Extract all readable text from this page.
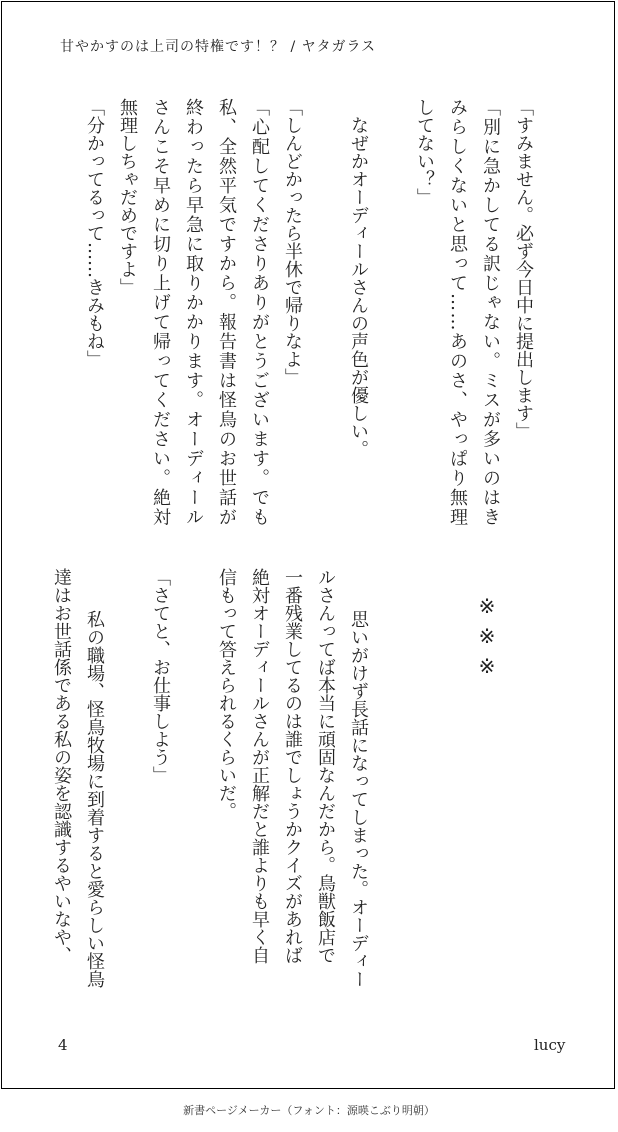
甘やかすのは上司の特権です！？ / ヤタガラス
「すみません。必ず今日中に提出します」
「別に急かしてる訳じゃない。ミスが多いのはき
みらしくないと思って……あのさ、やっぱり無理
してない？」
　なぜかオーディールさんの声色が優しい。
「しんどかったら半休で帰りなよ」
「心配してくださりありがとうございます。でも
私、全然平気ですから。報告書は怪鳥のお世話が
終わったら早急に取りかかります。オーディール
さんこそ早めに切り上げて帰ってください。絶対
無理しちゃだめですよ」
「分かってるって……きみもね」
※※※
　思いがけず長話になってしまった。オーディー
ルさんってば本当に頑固なんだから。鳥獣飯店で
一番残業してるのは誰でしょうかクイズがあれば
絶対オーディールさんが正解だと誰よりも早く自
信もって答えられるくらいだ。
「さてと、お仕事しよう」
　私の職場、怪鳥牧場に到着すると愛らしい怪鳥
達はお世話係である私の姿を認識するやいなや、
4	lucy
新書ページメーカー（フォント：源暎こぶり明朝）
